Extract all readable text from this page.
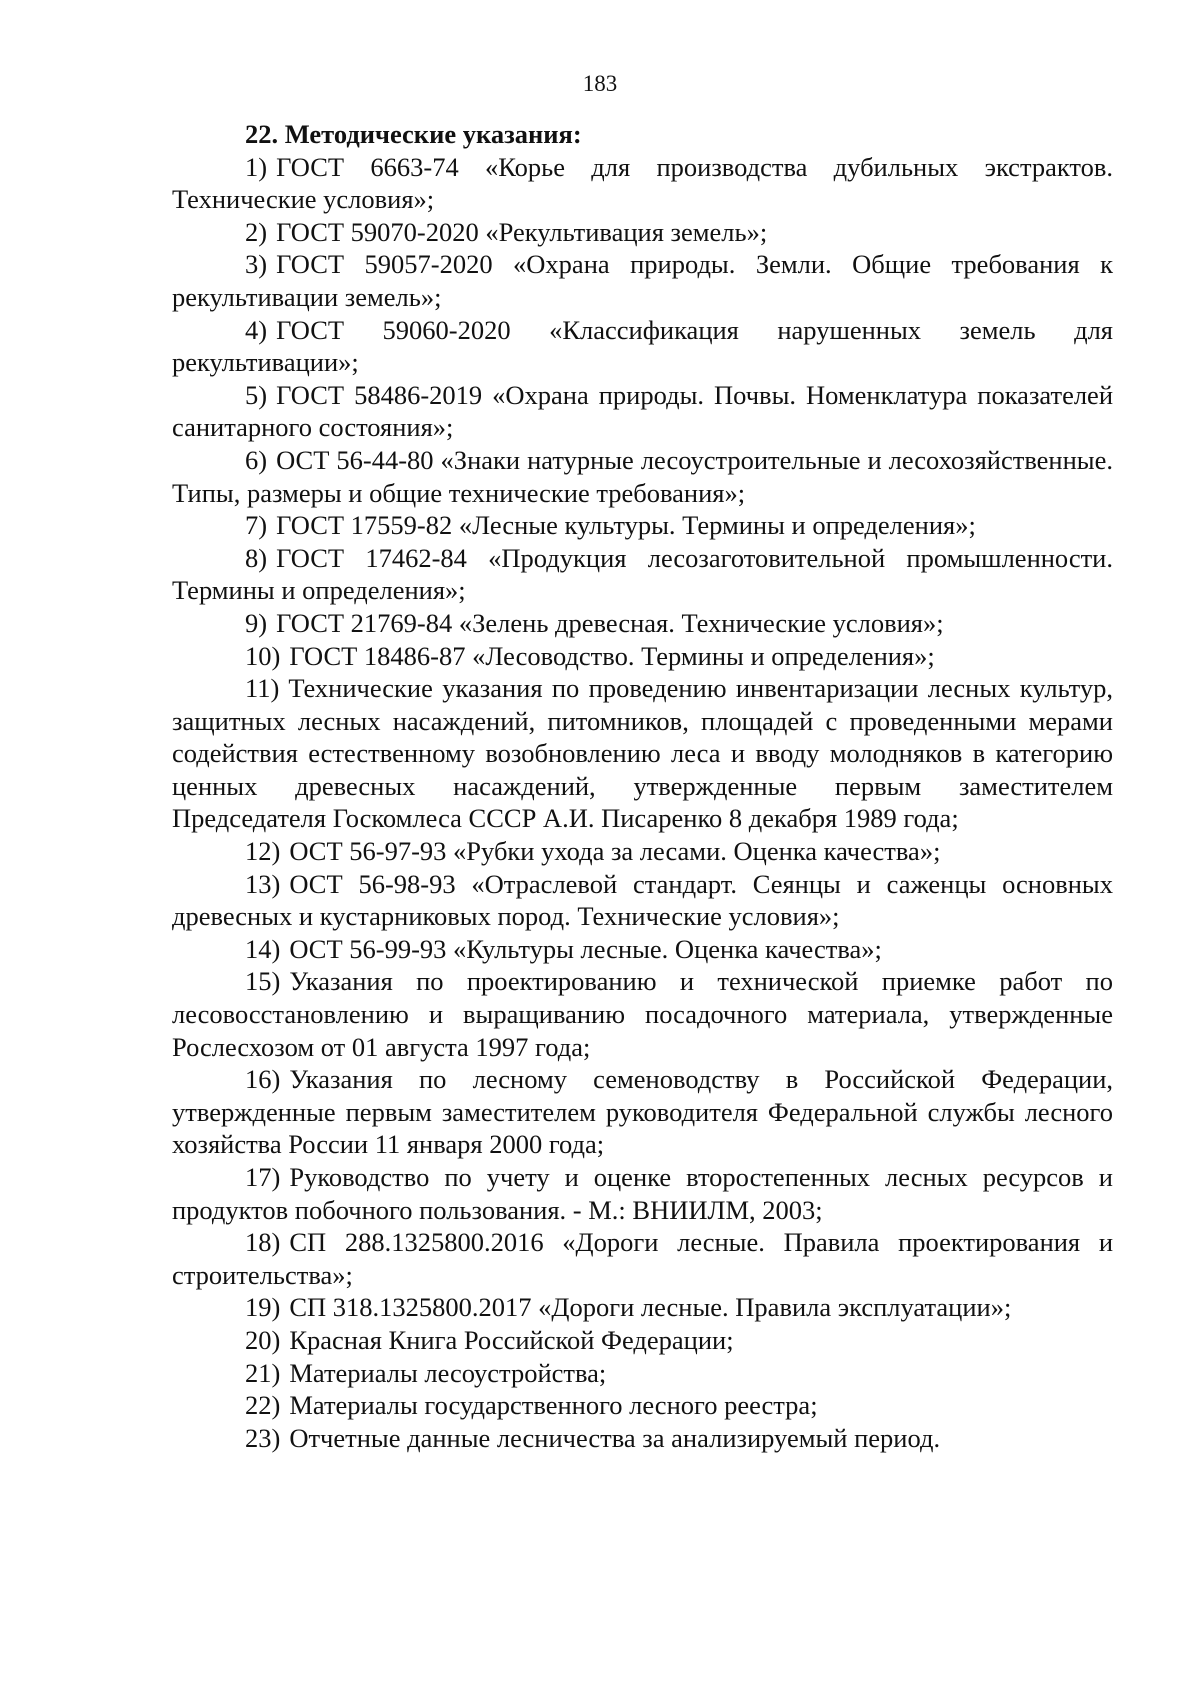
183

22. Методические указания:

1) ГОСТ 6663-74 «Корье для производства дубильных экстрактов. Технические условия»;
2) ГОСТ 59070-2020 «Рекультивация земель»;
3) ГОСТ 59057-2020 «Охрана природы. Земли. Общие требования к рекультивации земель»;
4) ГОСТ 59060-2020 «Классификация нарушенных земель для рекультивации»;
5) ГОСТ 58486-2019 «Охрана природы. Почвы. Номенклатура показателей санитарного состояния»;
6) ОСТ 56-44-80 «Знаки натурные лесоустроительные и лесохозяйственные. Типы, размеры и общие технические требования»;
7) ГОСТ 17559-82 «Лесные культуры. Термины и определения»;
8) ГОСТ 17462-84 «Продукция лесозаготовительной промышленности. Термины и определения»;
9) ГОСТ 21769-84 «Зелень древесная. Технические условия»;
10) ГОСТ 18486-87 «Лесоводство. Термины и определения»;
11) Технические указания по проведению инвентаризации лесных культур, защитных лесных насаждений, питомников, площадей с проведенными мерами содействия естественному возобновлению леса и вводу молодняков в категорию ценных древесных насаждений, утвержденные первым заместителем Председателя Госкомлеса СССР А.И. Писаренко 8 декабря 1989 года;
12) ОСТ 56-97-93 «Рубки ухода за лесами. Оценка качества»;
13) ОСТ 56-98-93 «Отраслевой стандарт. Сеянцы и саженцы основных древесных и кустарниковых пород. Технические условия»;
14) ОСТ 56-99-93 «Культуры лесные. Оценка качества»;
15) Указания по проектированию и технической приемке работ по лесовосстановлению и выращиванию посадочного материала, утвержденные Рослесхозом от 01 августа 1997 года;
16) Указания по лесному семеноводству в Российской Федерации, утвержденные первым заместителем руководителя Федеральной службы лесного хозяйства России 11 января 2000 года;
17) Руководство по учету и оценке второстепенных лесных ресурсов и продуктов побочного пользования. - М.: ВНИИЛМ, 2003;
18) СП 288.1325800.2016 «Дороги лесные. Правила проектирования и строительства»;
19) СП 318.1325800.2017 «Дороги лесные. Правила эксплуатации»;
20) Красная Книга Российской Федерации;
21) Материалы лесоустройства;
22) Материалы государственного лесного реестра;
23) Отчетные данные лесничества за анализируемый период.
